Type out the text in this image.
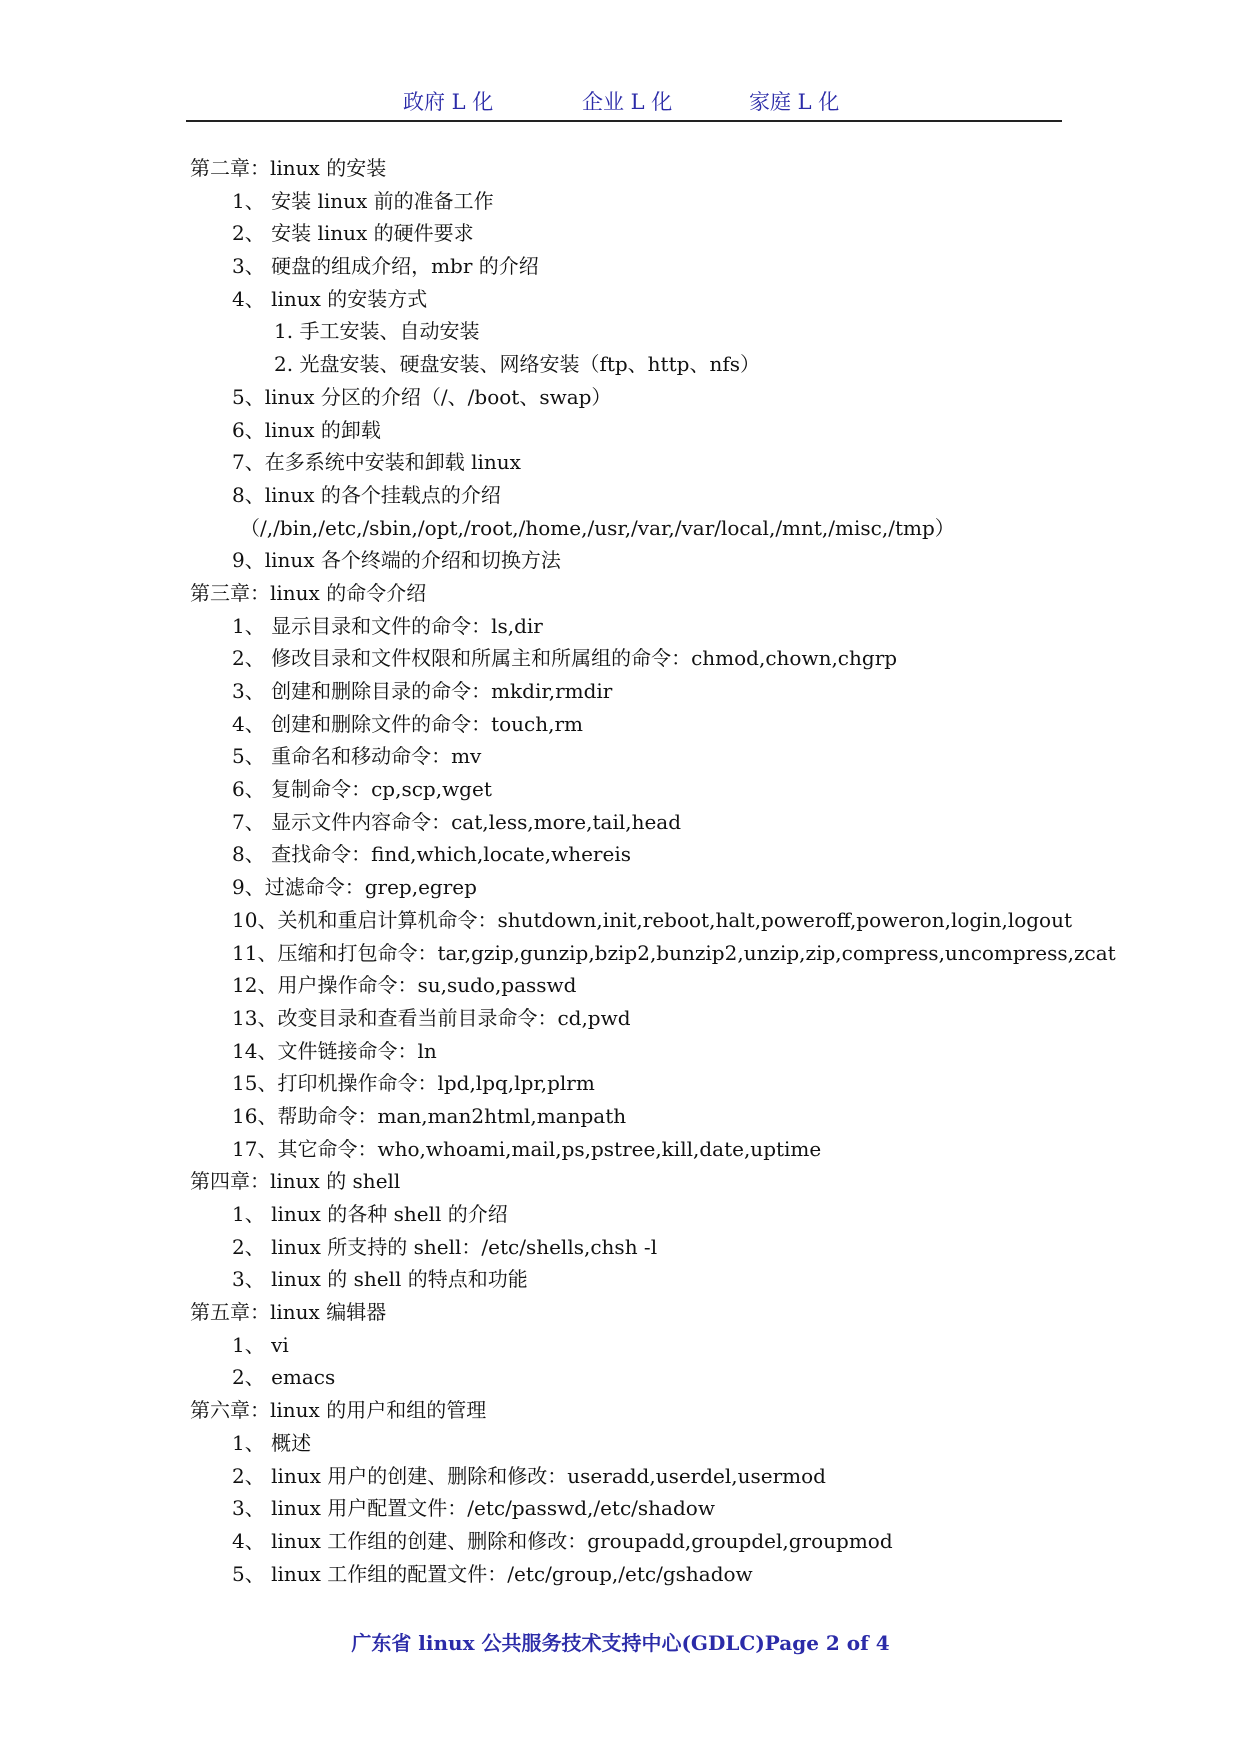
政府 L 化	企业 L 化	家庭 L 化
第二章：linux 的安装
1、 安装 linux 前的准备工作
2、 安装 linux 的硬件要求
3、 硬盘的组成介绍，mbr 的介绍
4、 linux 的安装方式
1. 手工安装、自动安装
2. 光盘安装、硬盘安装、网络安装（ftp、http、nfs）
5、linux 分区的介绍（/、/boot、swap）
6、linux 的卸载
7、在多系统中安装和卸载 linux
8、linux 的各个挂载点的介绍
（/,/bin,/etc,/sbin,/opt,/root,/home,/usr,/var,/var/local,/mnt,/misc,/tmp）
9、linux 各个终端的介绍和切换方法
第三章：linux 的命令介绍
1、 显示目录和文件的命令：ls,dir
2、 修改目录和文件权限和所属主和所属组的命令：chmod,chown,chgrp
3、 创建和删除目录的命令：mkdir,rmdir
4、 创建和删除文件的命令：touch,rm
5、 重命名和移动命令：mv
6、 复制命令：cp,scp,wget
7、 显示文件内容命令：cat,less,more,tail,head
8、 查找命令：find,which,locate,whereis
9、过滤命令：grep,egrep
10、关机和重启计算机命令：shutdown,init,reboot,halt,poweroff,poweron,login,logout
11、压缩和打包命令：tar,gzip,gunzip,bzip2,bunzip2,unzip,zip,compress,uncompress,zcat
12、用户操作命令：su,sudo,passwd
13、改变目录和查看当前目录命令：cd,pwd
14、文件链接命令：ln
15、打印机操作命令：lpd,lpq,lpr,plrm
16、帮助命令：man,man2html,manpath
17、其它命令：who,whoami,mail,ps,pstree,kill,date,uptime
第四章：linux 的 shell
1、 linux 的各种 shell 的介绍
2、 linux 所支持的 shell：/etc/shells,chsh -l
3、 linux 的 shell 的特点和功能
第五章：linux 编辑器
1、 vi
2、 emacs
第六章：linux 的用户和组的管理
1、 概述
2、 linux 用户的创建、删除和修改：useradd,userdel,usermod
3、 linux 用户配置文件：/etc/passwd,/etc/shadow
4、 linux 工作组的创建、删除和修改：groupadd,groupdel,groupmod
5、 linux 工作组的配置文件：/etc/group,/etc/gshadow
广东省 linux 公共服务技术支持中心(GDLC)Page 2 of 4
